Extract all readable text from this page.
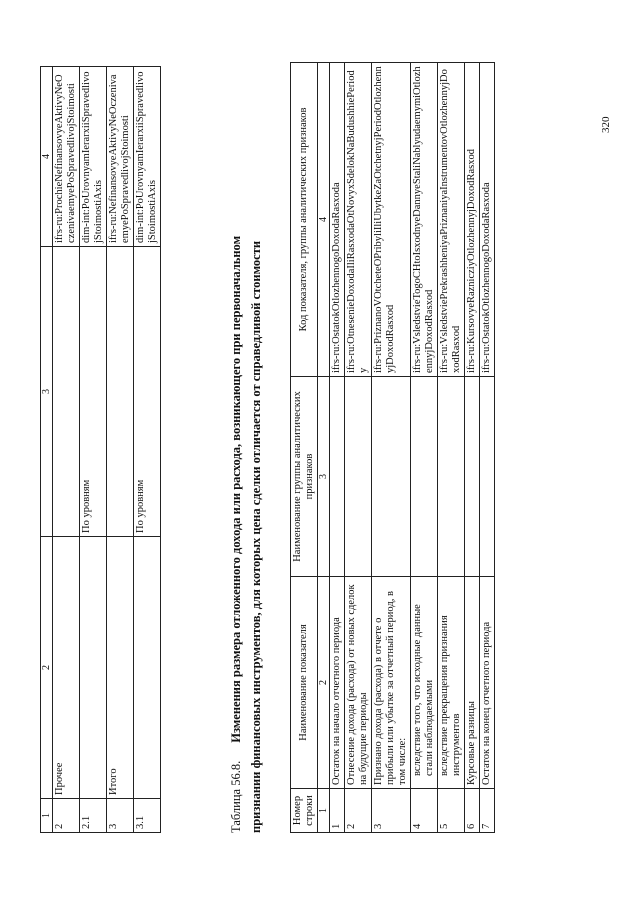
1	2	3	4
2	Прочее		ifrs-ru:ProchieNefinansovyeAktivyNeOczenivaemyePoSpravedlivojStoimosti
2.1		По уровням	dim-int:PoUrovnyamIerarxiiSpravedlivojStoimostiAxis
3	Итого		ifrs-ru:NefinansovyeAktivyNeOczenivaemyePoSpravedlivojStoimosti
3.1		По уровням	dim-int:PoUrovnyamIerarxiiSpravedlivojStoimostiAxis
Таблица 56.8.Изменения размера отложенного дохода или расхода, возникающего при первоначальном признании финансовых инструментов, для которых цена сделки отличается от справедливой стоимости	Номер строки	Наименование показателя	Наименование группы аналитических признаков	Код показателя, группы аналитических признаков
1	2	3	4
1	Остаток на начало отчетного периода		ifrs-ru:OstatokOtlozhennogoDoxodaRasxoda
2	Отнесение дохода (расхода) от новых сделок на будущие периоды		ifrs-ru:OtnesenieDoxodaIliRasxodaOtNovyxSdelokNaBudushhiePeriody
3	Признано дохода (расхода) в отчете о прибыли или убытке за отчетный период, в том числе:		ifrs-ru:PriznanoVOtcheteOPribyliIliUbytkeZaOtchetnyjPeriodOtlozhennyjDoxodRasxod
4	вследствие того, что исходные данные стали наблюдаемыми		ifrs-ru:VsledstvieTogoCHtoIsxodnyeDannyeStaliNablyudaemymiOtlozhennyjDoxodRasxod
5	вследствие прекращения признания инструментов		ifrs-ru:VsledstviePrekrashheniyaPriznaniyaInstrumentovOtlozhennyjDoxodRasxod
6	Курсовые разницы		ifrs-ru:KursovyeRaznicziyOtlozhennyjDoxodRasxod
7	Остаток на конец отчетного периода		ifrs-ru:OstatokOtlozhennogoDoxodaRasxoda
320
